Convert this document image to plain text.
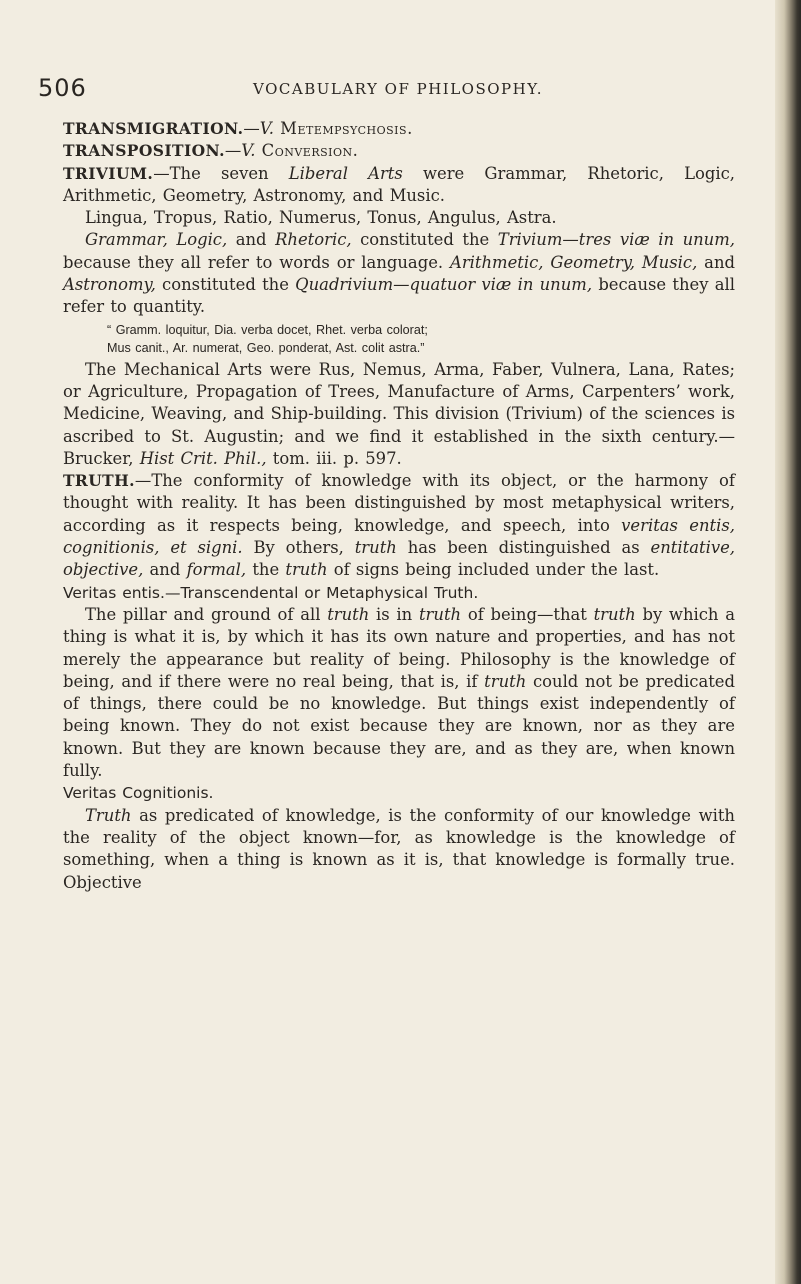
506	VOCABULARY OF PHILOSOPHY.

TRANSMIGRATION.—V. Metempsychosis.

TRANSPOSITION.—V. Conversion.

TRIVIUM.—The seven Liberal Arts were Grammar, Rhetoric, Logic, Arithmetic, Geometry, Astronomy, and Music.

Lingua, Tropus, Ratio, Numerus, Tonus, Angulus, Astra.

Grammar, Logic, and Rhetoric, constituted the Trivium—tres viæ in unum, because they all refer to words or language. Arithmetic, Geometry, Music, and Astronomy, constituted the Quadrivium—quatuor viæ in unum, because they all refer to quantity.

“ Gramm. loquitur, Dia. verba docet, Rhet. verba colorat;
Mus canit., Ar. numerat, Geo. ponderat, Ast. colit astra.”

The Mechanical Arts were Rus, Nemus, Arma, Faber, Vulnera, Lana, Rates; or Agriculture, Propagation of Trees, Manufacture of Arms, Carpenters’ work, Medicine, Weaving, and Ship-building. This division (Trivium) of the sciences is ascribed to St. Augustin; and we find it established in the sixth century.—Brucker, Hist Crit. Phil., tom. iii. p. 597.

TRUTH.—The conformity of knowledge with its object, or the harmony of thought with reality. It has been distinguished by most metaphysical writers, according as it respects being, knowledge, and speech, into veritas entis, cognitionis, et signi. By others, truth has been distinguished as entitative, objective, and formal, the truth of signs being included under the last.

Veritas entis.—Transcendental or Metaphysical Truth.

The pillar and ground of all truth is in truth of being—that truth by which a thing is what it is, by which it has its own nature and properties, and has not merely the appearance but reality of being. Philosophy is the knowledge of being, and if there were no real being, that is, if truth could not be predicated of things, there could be no knowledge. But things exist independently of being known. They do not exist because they are known, nor as they are known. But they are known because they are, and as they are, when known fully.

Veritas Cognitionis.

Truth as predicated of knowledge, is the conformity of our knowledge with the reality of the object known—for, as knowledge is the knowledge of something, when a thing is known as it is, that knowledge is formally true. Objective
